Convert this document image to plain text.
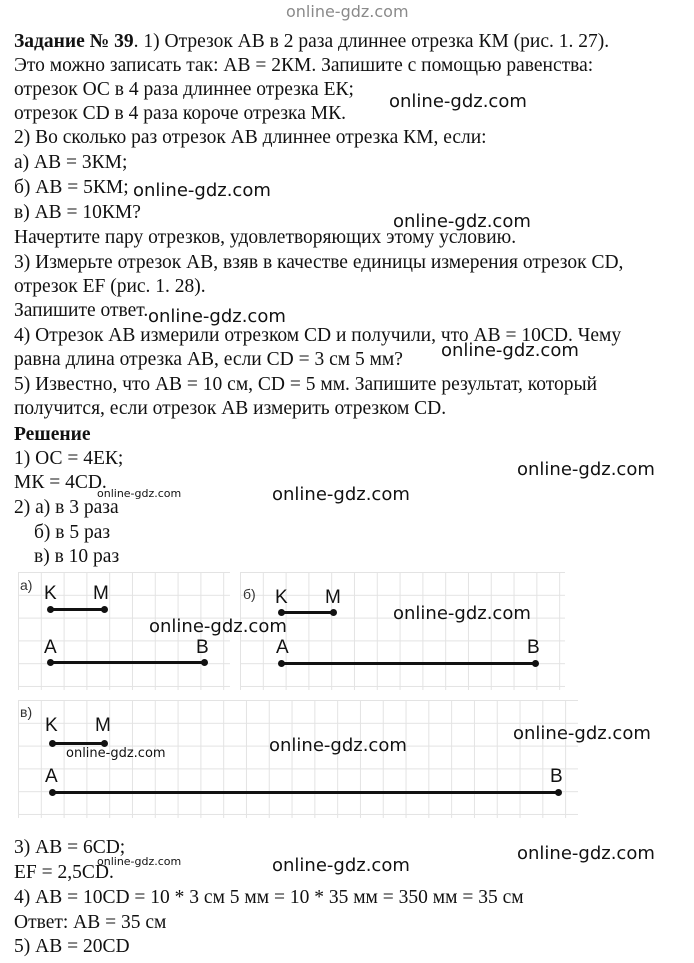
online-gdz.com
Задание № 39. 1) Отрезок АВ в 2 раза длиннее отрезка КМ (рис. 1. 27).
Это можно записать так: АВ = 2КМ. Запишите с помощью равенства:
отрезок ОС в 4 раза длиннее отрезка ЕК;
отрезок CD в 4 раза короче отрезка МК.
2) Во сколько раз отрезок АВ длиннее отрезка КМ, если:
а) АВ = 3КМ;
б) АВ = 5КМ;
в) АВ = 10КМ?
Начертите пару отрезков, удовлетворяющих этому условию.
3) Измерьте отрезок АВ, взяв в качестве единицы измерения отрезок CD,
отрезок EF (рис. 1. 28).
Запишите ответ.
4) Отрезок АВ измерили отрезком CD и получили, что АВ = 10CD. Чему
равна длина отрезка АВ, если CD = 3 см 5 мм?
5) Известно, что АВ = 10 см, CD = 5 мм. Запишите результат, который
получится, если отрезок АВ измерить отрезком CD.
Решение
1) ОС = 4ЕК;
МК = 4CD.
2) а) в 3 раза
б) в 5 раз
в) в 10 раз
а) K M
A	B
б) K M
A	B
в)
K M
A	B
3) АВ = 6CD;
EF = 2,5CD.
4) АВ = 10CD = 10 * 3 см 5 мм = 10 * 35 мм = 350 мм = 35 см
Ответ: АВ = 35 см
5) АВ = 20CD
online-gdz.com
online-gdz.com
online-gdz.com
online-gdz.com
online-gdz.com
online-gdz.com
online-gdz.com
online-gdz.com
online-gdz.com
online-gdz.com
online-gdz.com
online-gdz.com
online-gdz.com
online-gdz.com
online-gdz.com
online-gdz.com
